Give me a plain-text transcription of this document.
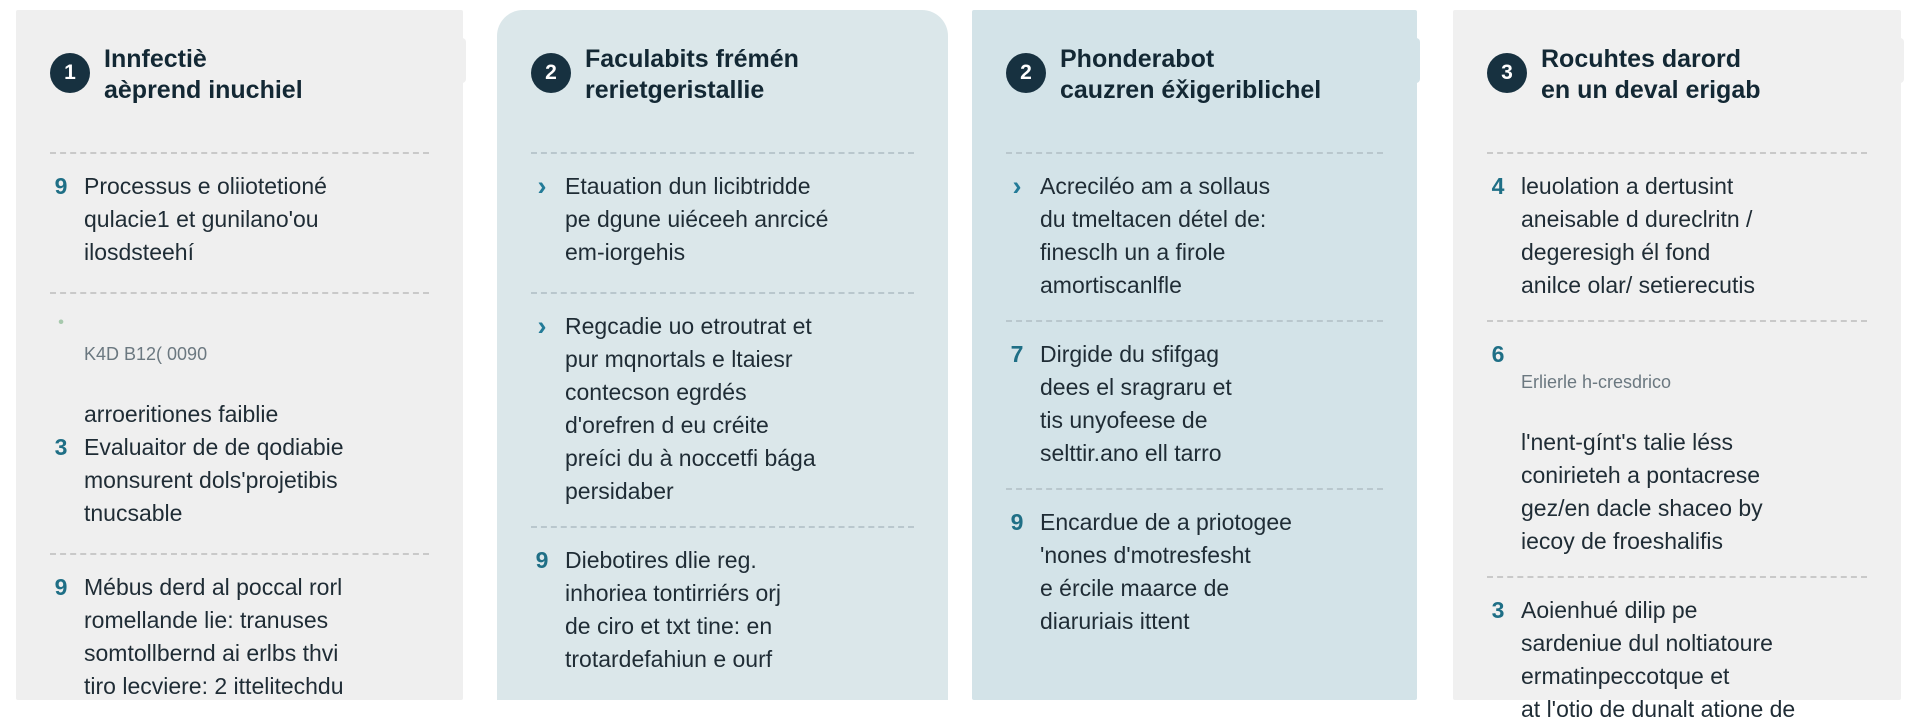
1	Innfectiè
aèprend inuchiel
9 Processus e oliiotetioné
qulacie1 et gunilano'ou
ilosdsteehí
•

K4D B12( 0090

arroeritiones faiblie

3 Evaluaitor de de qodiabie
monsurent dols'projetibis
tnucsable
9 Mébus derd al poccal rorl
romellande lie: tranuses
somtollbernd ai erlbs thvi
tiro lecviere: 2 ittelitechdu
2	Faculabits frémén
rerietgeristallie
› Etauation dun licibtridde
pe dgune uiéceeh anrcicé
em-iorgehis
› Regcadie uo etroutrat et
pur mqnortals e ltaiesr
contecson egrdés
d'orefren d eu créite
preíci du à noccetfi bága
persidaber
9 Diebotires dlie reg.
inhoriea tontirriérs orj
de ciro et txt tine: en
trotardefahiun e ourf
2	Phonderabot
cauzren éx̌igeriblichel
› Acreciléo am a sollaus
du tmeltacen détel de:
finesclh un a firole
amortiscanlfle
7 Dirgide du sfifgag
dees el sragraru et
tis unyofeese de
selttir.ano ell tarro
9 Encardue de a priotogee
'nones d'motresfesht
e ércile maarce de
diaruriais ittent
3	Rocuhtes darord
en un deval erigab
4 leuolation a dertusint
aneisable d dureclritn /
degeresigh él fond
anilce olar/ setierecutis
6

Erlierle h-cresdrico

l'nent-gínt's talie léss
conirieteh a pontacrese
gez/en dacle shaceo by
iecoy de froeshalifis

3 Aoienhué dilip pe
sardeniue dul noltiatoure
ermatinpeccotque et
at l'otio de dunalt atione de
